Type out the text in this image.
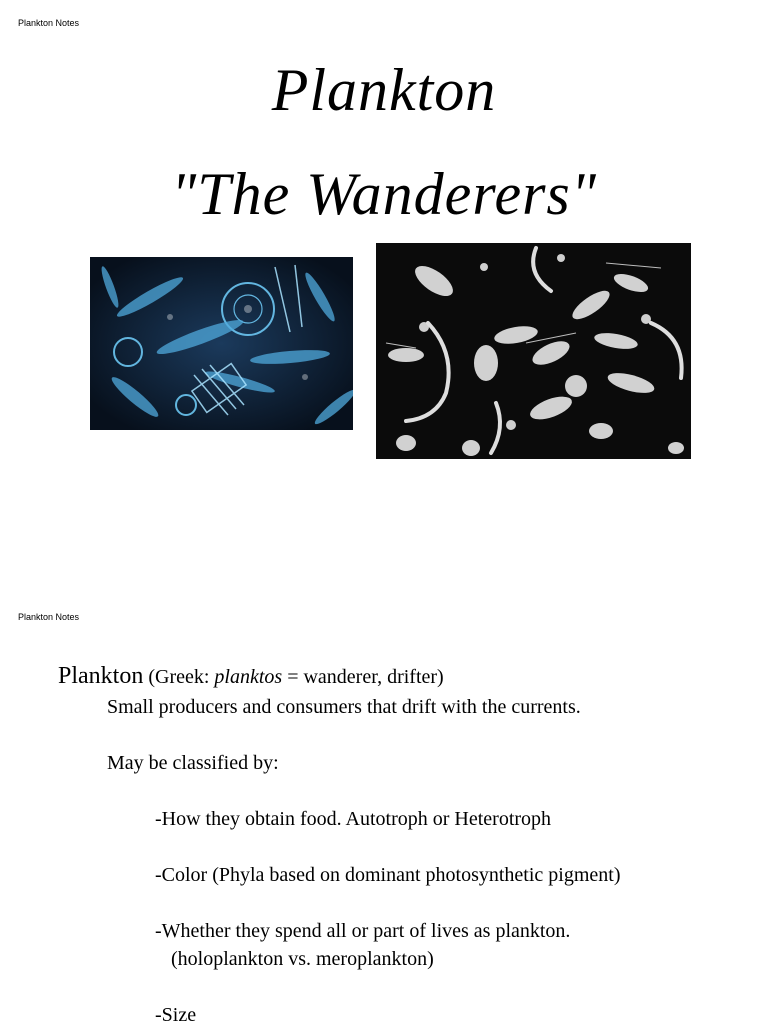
Plankton Notes
Plankton
"The Wanderers"
Plankton Notes
Plankton (Greek: planktos = wanderer, drifter)
Small producers and consumers that drift with the currents.
May be classified by:
-How they obtain food. Autotroph or Heterotroph
-Color (Phyla based on dominant photosynthetic pigment)
-Whether they spend all or part of lives as plankton.
(holoplankton vs. meroplankton)
-Size
